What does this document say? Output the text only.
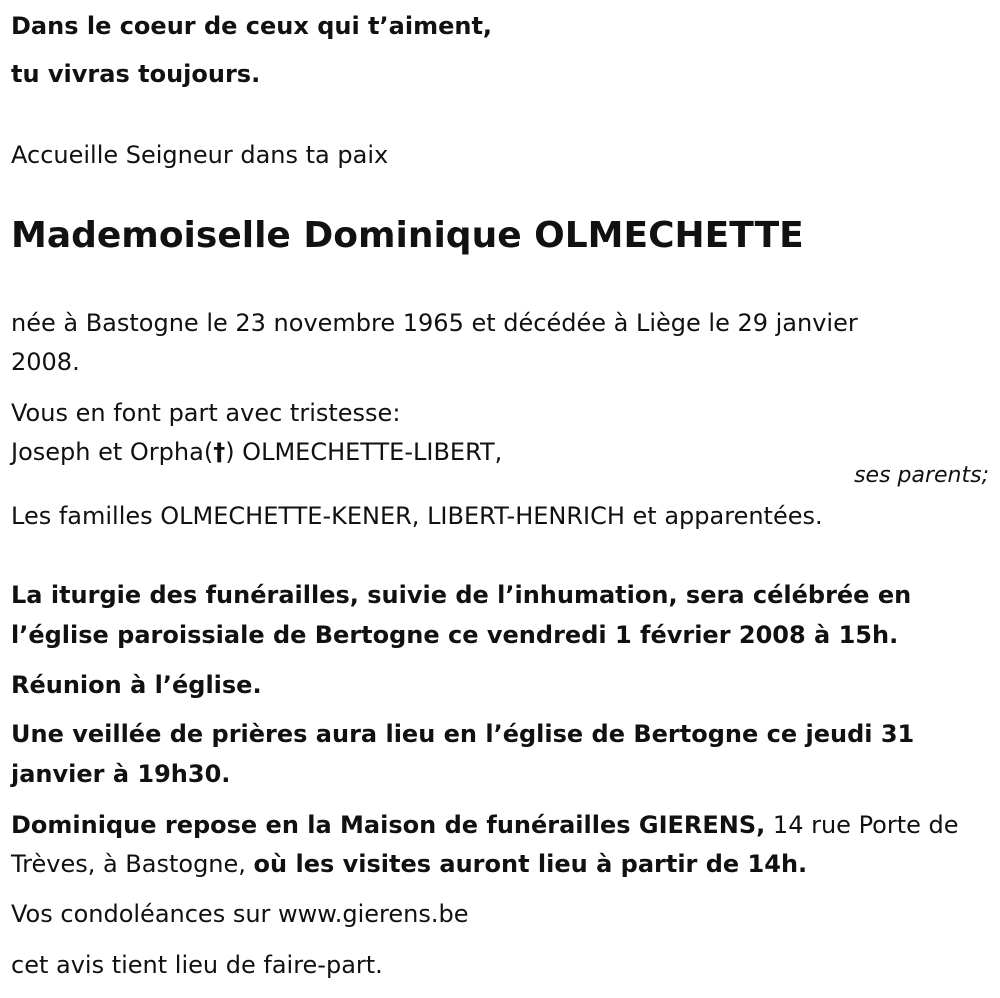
Dans le coeur de ceux qui t’aiment,
tu vivras toujours.
Accueille Seigneur dans ta paix
Mademoiselle Dominique OLMECHETTE
née à Bastogne le 23 novembre 1965 et décédée à Liège le 29 janvier
2008.
Vous en font part avec tristesse:
Joseph et Orpha(†) OLMECHETTE-LIBERT,
ses parents;
Les familles OLMECHETTE-KENER, LIBERT-HENRICH et apparentées.
La iturgie des funérailles, suivie de l’inhumation, sera célébrée en
l’église paroissiale de Bertogne ce vendredi 1 février 2008 à 15h.
Réunion à l’église.
Une veillée de prières aura lieu en l’église de Bertogne ce jeudi 31
janvier à 19h30.
Dominique repose en la Maison de funérailles GIERENS, 14 rue Porte de
Trèves, à Bastogne, où les visites auront lieu à partir de 14h.
Vos condoléances sur www.gierens.be
cet avis tient lieu de faire-part.
